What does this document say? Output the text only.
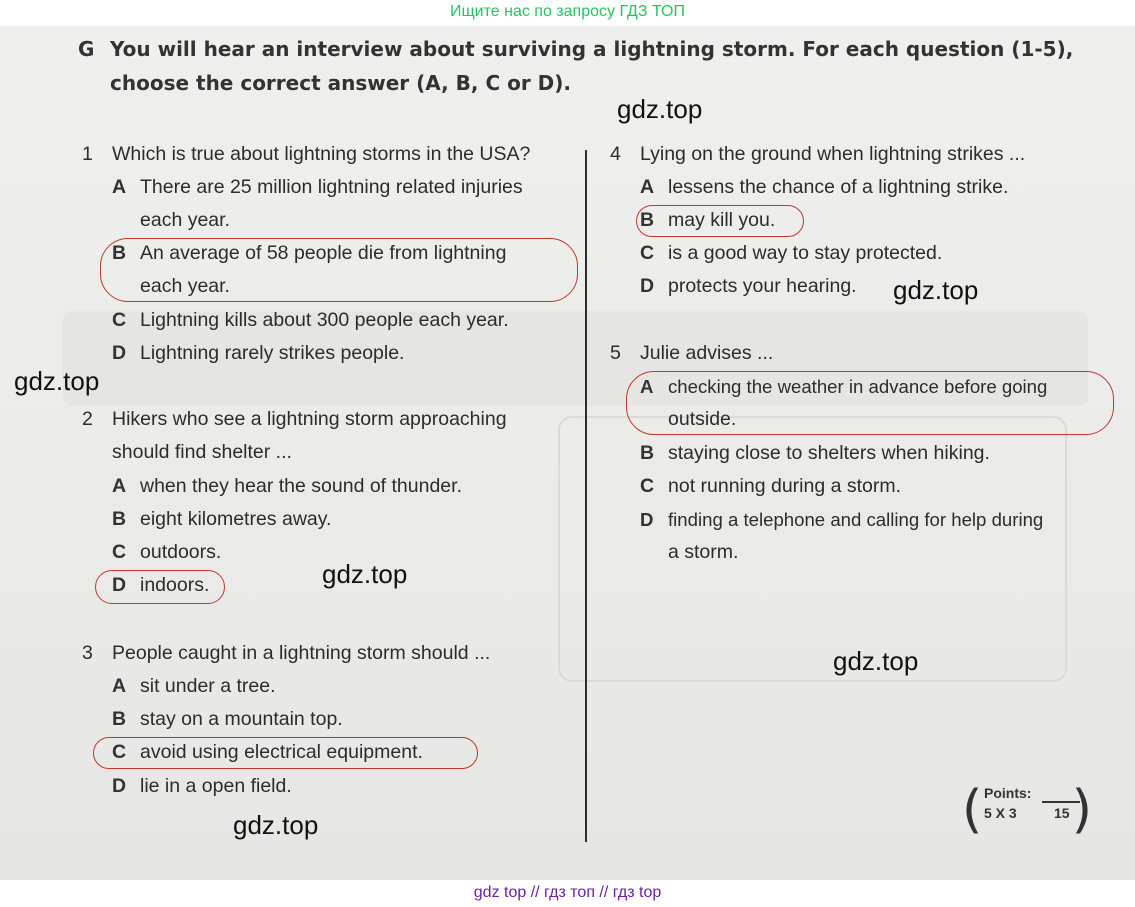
Ищите нас по запросу ГДЗ ТОП
G You will hear an interview about surviving a lightning storm. For each question (1-5),
choose the correct answer (A, B, C or D).
1 Which is true about lightning storms in the USA?
A There are 25 million lightning related injuries
each year.
B An average of 58 people die from lightning
each year.
C Lightning kills about 300 people each year.
D Lightning rarely strikes people.
2 Hikers who see a lightning storm approaching
should find shelter ...
A when they hear the sound of thunder.
B eight kilometres away.
C outdoors.
D indoors.
3 People caught in a lightning storm should ...
A sit under a tree.
B stay on a mountain top.
C avoid using electrical equipment.
D lie in a open field.
4 Lying on the ground when lightning strikes ...
A lessens the chance of a lightning strike.
B may kill you.
C is a good way to stay protected.
D protects your hearing.
5 Julie advises ...
A checking the weather in advance before going
outside.
B staying close to shelters when hiking.
C not running during a storm.
D finding a telephone and calling for help during
a storm.
gdz.top
gdz.top
gdz.top
gdz.top
gdz.top
gdz.top	( Points:
5 X 3	15 )
gdz top // гдз топ // гдз top
